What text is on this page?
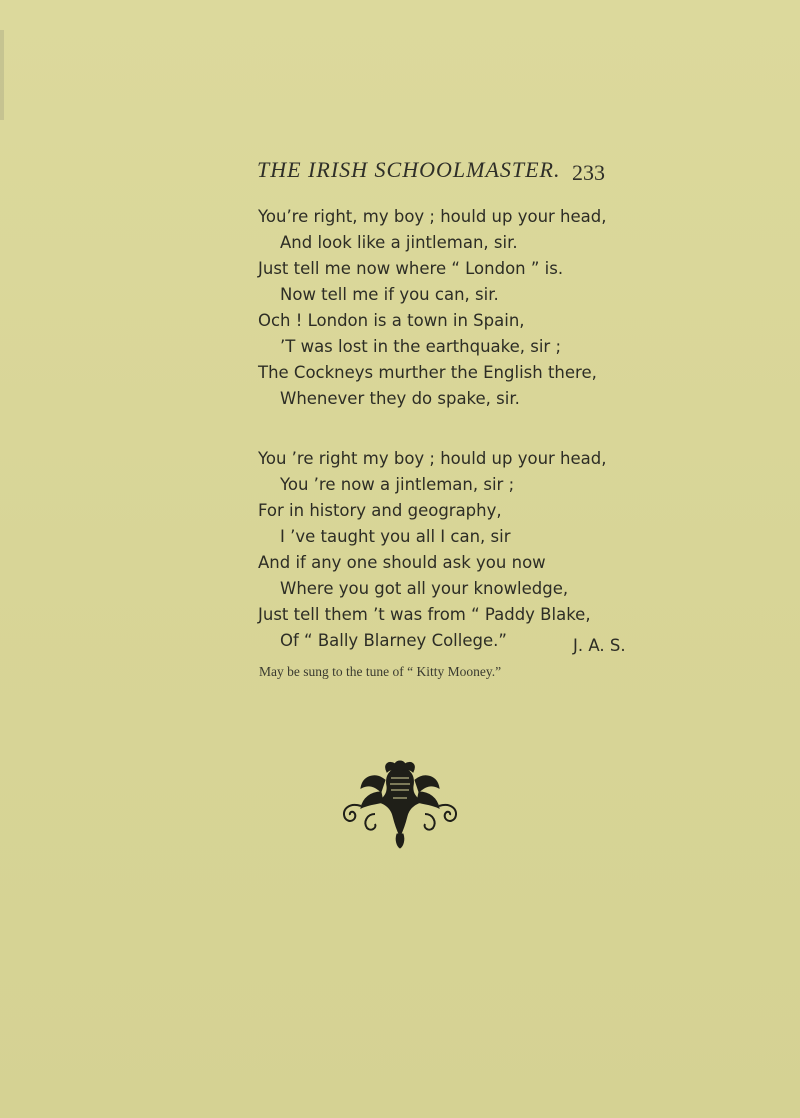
THE IRISH SCHOOLMASTER. 233
You’re right, my boy ; hould up your head,
And look like a jintleman, sir.
Just tell me now where “ London ” is.
Now tell me if you can, sir.
Och ! London is a town in Spain,
’T was lost in the earthquake, sir ;
The Cockneys murther the English there,
Whenever they do spake, sir.
You ’re right my boy ; hould up your head,
You ’re now a jintleman, sir ;
For in history and geography,
I ’ve taught you all I can, sir
And if any one should ask you now
Where you got all your knowledge,
Just tell them ’t was from “ Paddy Blake,
Of “ Bally Blarney College.”	J. A. S.
May be sung to the tune of “ Kitty Mooney.”
